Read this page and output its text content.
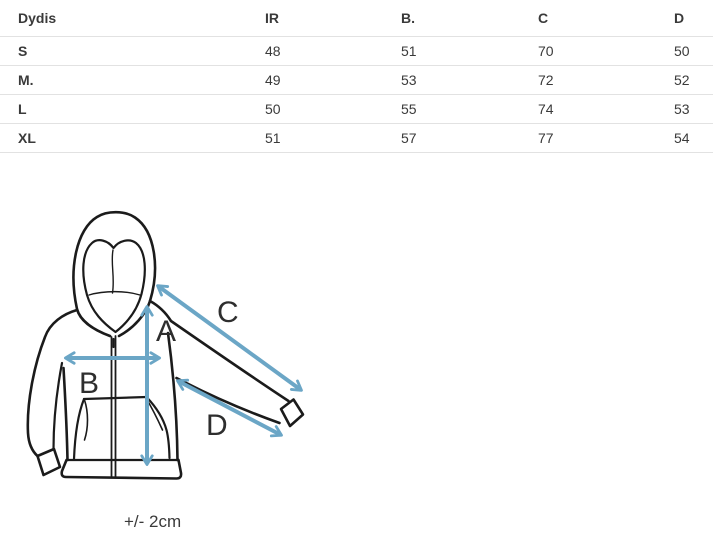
Dydis	IR	B.	C	D
S	48	51	70	50
M.	49	53	72	52
L	50	55	74	53
XL	51	57	77	54
A
B
C
D
+/- 2cm
